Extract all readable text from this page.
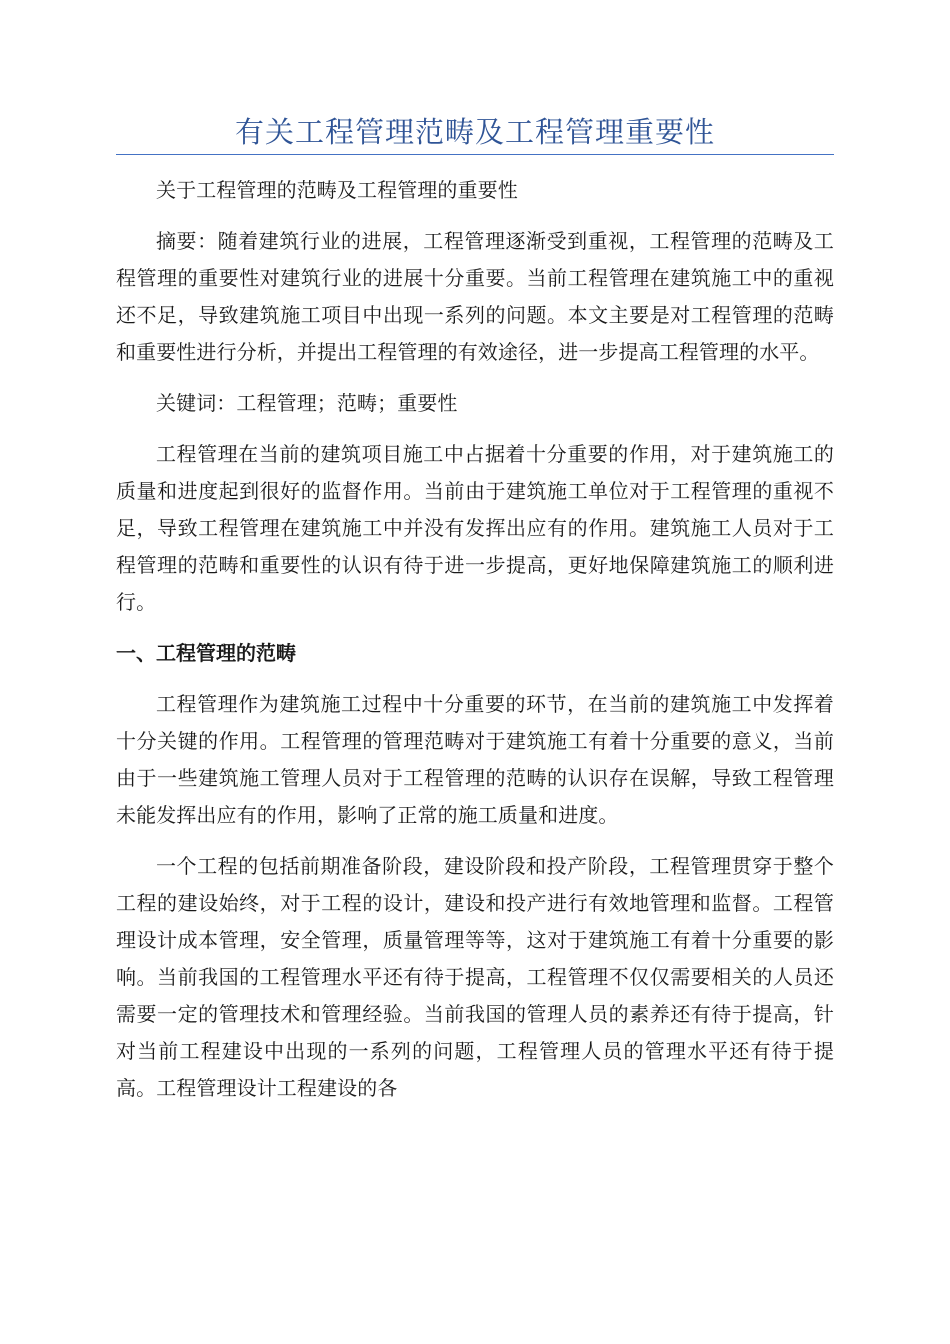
有关工程管理范畴及工程管理重要性

关于工程管理的范畴及工程管理的重要性

摘要：随着建筑行业的进展，工程管理逐渐受到重视，工程管理的范畴及工程管理的重要性对建筑行业的进展十分重要。当前工程管理在建筑施工中的重视还不足，导致建筑施工项目中出现一系列的问题。本文主要是对工程管理的范畴和重要性进行分析，并提出工程管理的有效途径，进一步提高工程管理的水平。

关键词：工程管理；范畴；重要性

工程管理在当前的建筑项目施工中占据着十分重要的作用，对于建筑施工的质量和进度起到很好的监督作用。当前由于建筑施工单位对于工程管理的重视不足，导致工程管理在建筑施工中并没有发挥出应有的作用。建筑施工人员对于工程管理的范畴和重要性的认识有待于进一步提高，更好地保障建筑施工的顺利进行。

一、工程管理的范畴

工程管理作为建筑施工过程中十分重要的环节，在当前的建筑施工中发挥着十分关键的作用。工程管理的管理范畴对于建筑施工有着十分重要的意义，当前由于一些建筑施工管理人员对于工程管理的范畴的认识存在误解，导致工程管理未能发挥出应有的作用，影响了正常的施工质量和进度。

一个工程的包括前期准备阶段，建设阶段和投产阶段，工程管理贯穿于整个工程的建设始终，对于工程的设计，建设和投产进行有效地管理和监督。工程管理设计成本管理，安全管理，质量管理等等，这对于建筑施工有着十分重要的影响。当前我国的工程管理水平还有待于提高，工程管理不仅仅需要相关的人员还需要一定的管理技术和管理经验。当前我国的管理人员的素养还有待于提高，针对当前工程建设中出现的一系列的问题，工程管理人员的管理水平还有待于提高。工程管理设计工程建设的各
